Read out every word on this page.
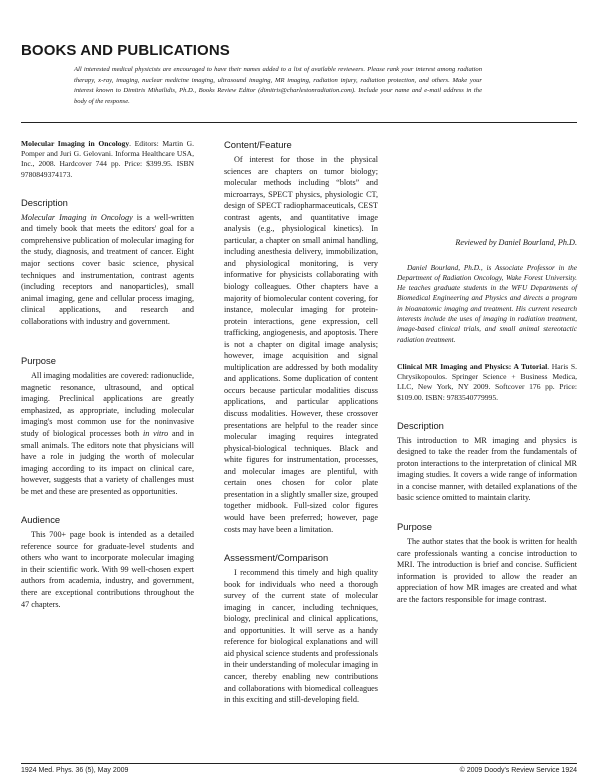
BOOKS AND PUBLICATIONS

All interested medical physicists are encouraged to have their names added to a list of available reviewers. Please rank your interest among radiation therapy, x-ray, imaging, nuclear medicine imaging, ultrasound imaging, MR imaging, radiation injury, radiation protection, and others. Make your interest known to Dimitris Mihailidis, Ph.D., Books Review Editor (dimitris@charlestonradiation.com). Include your name and e-mail address in the body of the response.

Molecular Imaging in Oncology. Editors: Martin G. Pomper and Juri G. Gelovani. Informa Healthcare USA, Inc., 2008. Hardcover 744 pp. Price: $399.95. ISBN 9780849374173.

Description

Molecular Imaging in Oncology is a well-written and timely book that meets the editors' goal for a comprehensive publication of molecular imaging for the study, diagnosis, and treatment of cancer. Eight major sections cover basic science, physical techniques and instrumentation, contrast agents (including receptors and nanoparticles), small animal imaging, gene and cellular process imaging, clinical applications, and research and collaborations with industry and government.

Purpose

All imaging modalities are covered: radionuclide, magnetic resonance, ultrasound, and optical imaging. Preclinical applications are greatly emphasized, as appropriate, including molecular imaging's most common use for the noninvasive study of biological processes both in vitro and in small animals. The editors note that physicians will have a role in judging the worth of molecular imaging according to its impact on clinical care, however, suggests that a variety of challenges must be met and these are presented as opportunities.

Audience

This 700+ page book is intended as a detailed reference source for graduate-level students and others who want to incorporate molecular imaging in their scientific work. With 99 well-chosen expert authors from academia, industry, and government, there are exceptional contributions throughout the 47 chapters.

Content/Feature

Of interest for those in the physical sciences are chapters on tumor biology; molecular methods including “blots” and microarrays, SPECT physics, physiologic CT, design of SPECT radiopharmaceuticals, CEST contrast agents, and quantitative image analysis (e.g., physiological kinetics). In particular, a chapter on small animal handling, including anesthesia delivery, immobilization, and physiological monitoring, is very informative for physicists collaborating with biology colleagues. Other chapters have a majority of biomolecular content covering, for instance, molecular imaging for protein-protein interactions, gene expression, cell trafficking, angiogenesis, and apoptosis. There is not a chapter on digital image analysis; however, image acquisition and signal multiplication are addressed by both modality and applications. Some duplication of content occurs because particular modalities discuss applications, and particular applications discuss modalities. However, these crossover presentations are helpful to the reader since molecular imaging requires integrated physical-biological techniques. Black and white figures for instrumentation, processes, and molecular images are plentiful, with certain ones chosen for color plate presentation in a slightly smaller size, grouped together midbook. Full-sized color figures would have been preferred; however, page costs may have been a limitation.

Assessment/Comparison

I recommend this timely and high quality book for individuals who need a thorough survey of the current state of molecular imaging in cancer, including techniques, biology, preclinical and clinical applications, and opportunities. It will serve as a handy reference for biological explanations and will aid physical science students and professionals in their understanding of molecular imaging in cancer, thereby enabling new contributions and collaborations with biomedical colleagues in this exciting and still-developing field.

Reviewed by Daniel Bourland, Ph.D.

Daniel Bourland, Ph.D., is Associate Professor in the Department of Radiation Oncology, Wake Forest University. He teaches graduate students in the WFU Departments of Biomedical Engineering and Physics and directs a program in bioanatomic imaging and treatment. His current research interests include the uses of imaging in radiation treatment, image-based clinical trials, and small animal stereotactic radiation treatment.

Clinical MR Imaging and Physics: A Tutorial. Haris S. Chrysikopoulos. Springer Science + Business Medica, LLC, New York, NY 2009. Softcover 176 pp. Price: $109.00. ISBN: 9783540779995.

Description

This introduction to MR imaging and physics is designed to take the reader from the fundamentals of proton interactions to the interpretation of clinical MR imaging studies. It covers a wide range of information in a concise manner, with detailed explanations of the basic science omitted to maintain clarity.

Purpose

The author states that the book is written for health care professionals wanting a concise introduction to MRI. The introduction is brief and concise. Sufficient information is provided to allow the reader an appreciation of how MR images are created and what are the factors responsible for image contrast.

1924 Med. Phys. 36 (5), May 2009	© 2009 Doody's Review Service 1924
